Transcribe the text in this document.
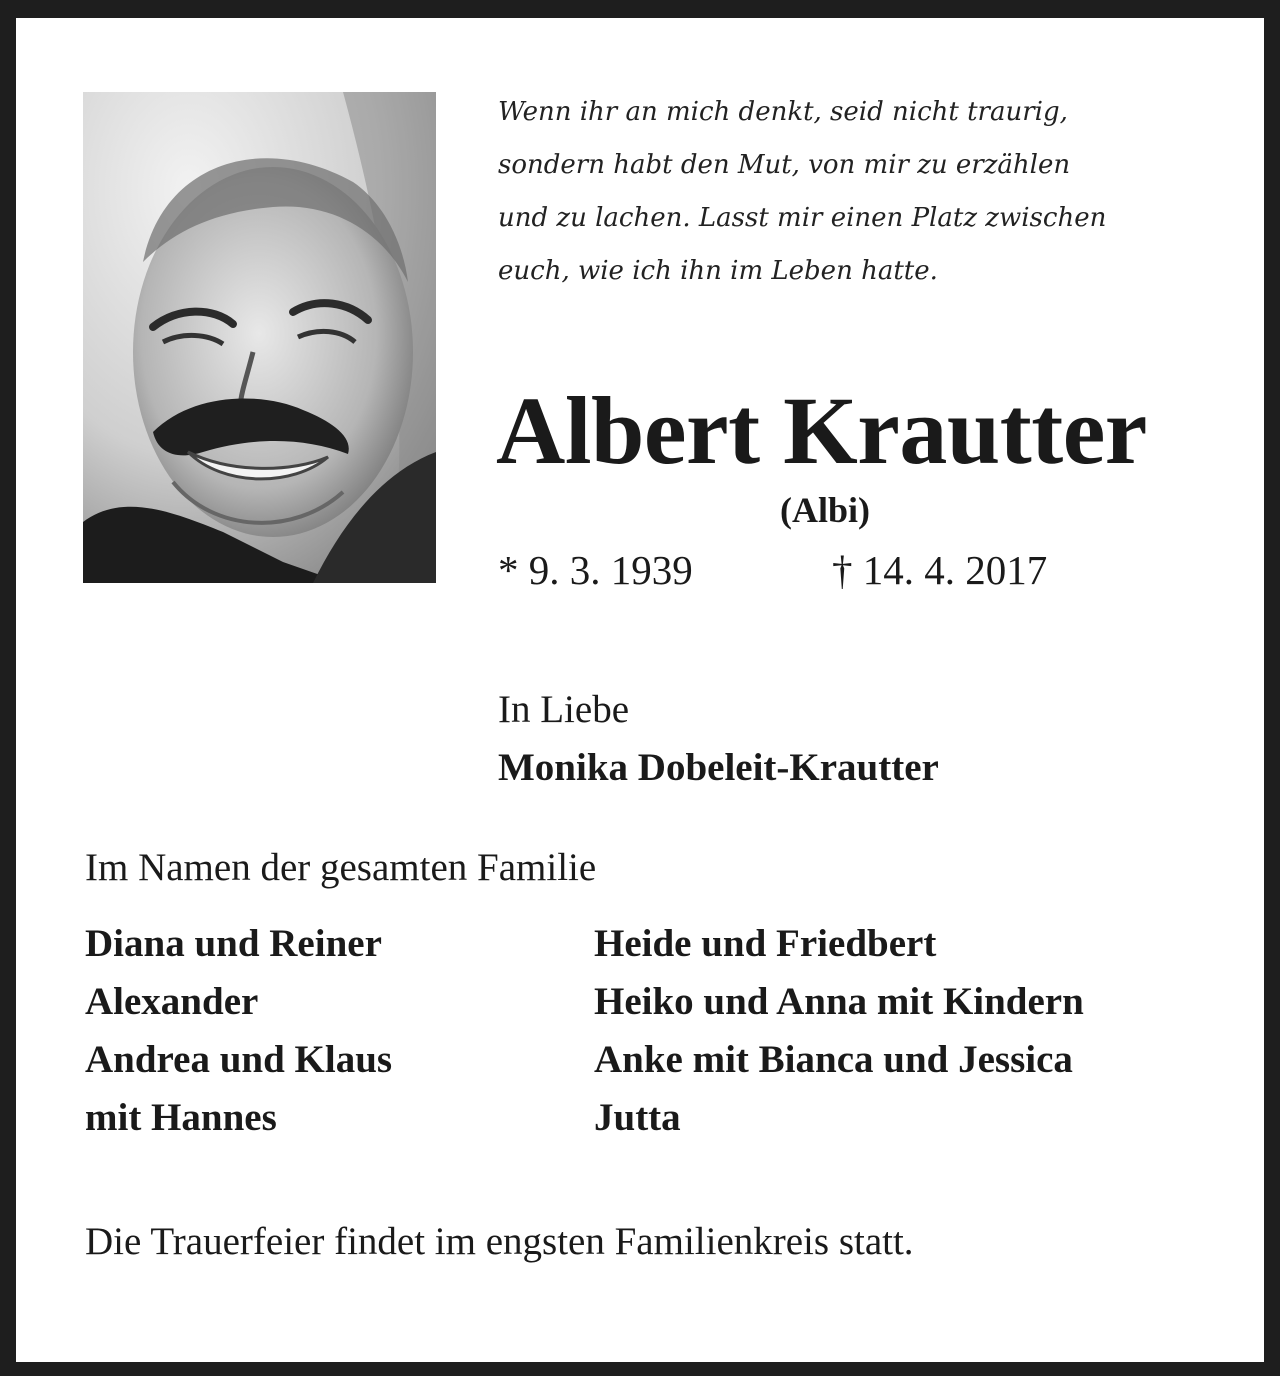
Wenn ihr an mich denkt, seid nicht traurig,
sondern habt den Mut, von mir zu erzählen
und zu lachen. Lasst mir einen Platz zwischen
euch, wie ich ihn im Leben hatte.

Albert Krautter
(Albi)
* 9. 3. 1939	† 14. 4. 2017
In Liebe
Monika Dobeleit-Krautter
Im Namen der gesamten Familie
Diana und Reiner
Alexander
Andrea und Klaus
mit Hannes
Heide und Friedbert
Heiko und Anna mit Kindern
Anke mit Bianca und Jessica
Jutta
Die Trauerfeier findet im engsten Familienkreis statt.
